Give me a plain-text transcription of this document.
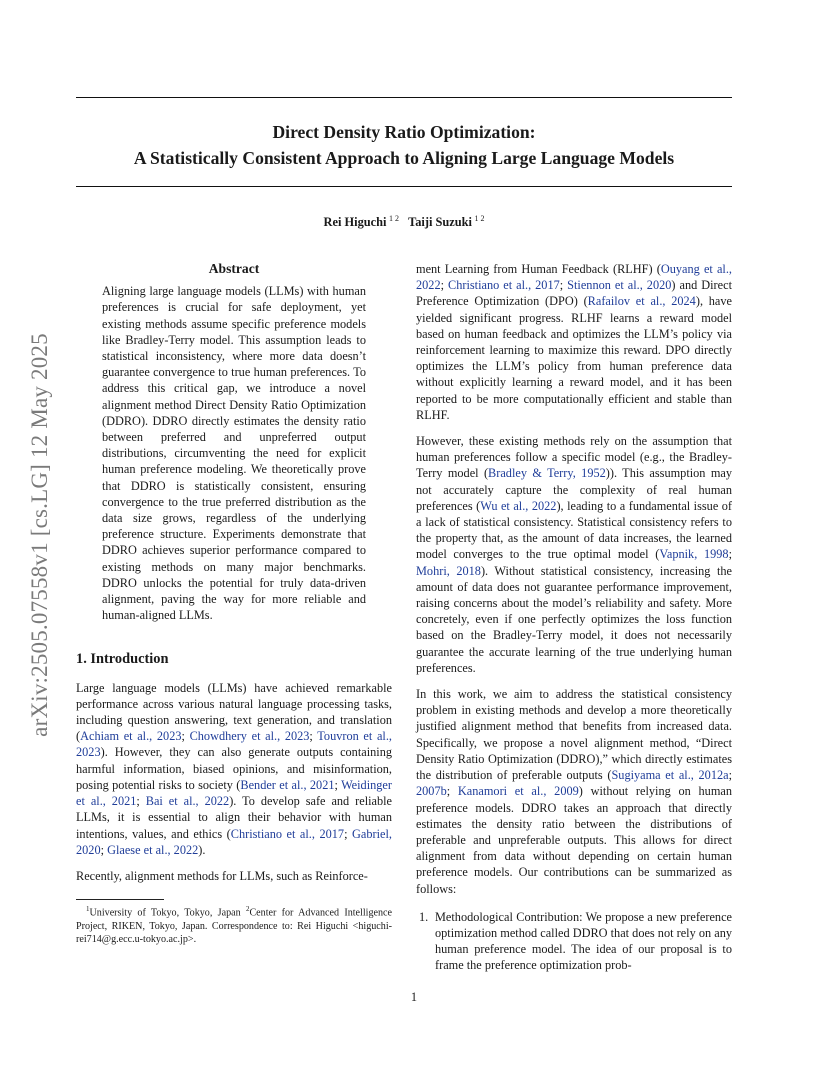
Direct Density Ratio Optimization:
A Statistically Consistent Approach to Aligning Large Language Models
Rei Higuchi  $^{1 2}$ Taiji Suzuki  $^{1 2}$
arXiv:2505.07558v1 [cs.LG] 12 May 2025
Abstract

Aligning large language models (LLMs) with human preferences is crucial for safe deployment, yet existing methods assume specific preference models like Bradley-Terry model. This assumption leads to statistical inconsistency, where more data doesn’t guarantee convergence to true human preferences. To address this critical gap, we introduce a novel alignment method Direct Density Ratio Optimization (DDRO). DDRO directly estimates the density ratio between preferred and unpreferred output distributions, circumventing the need for explicit human preference modeling. We theoretically prove that DDRO is statistically consistent, ensuring convergence to the true preferred distribution as the data size grows, regardless of the underlying preference structure. Experiments demonstrate that DDRO achieves superior performance compared to existing methods on many major benchmarks. DDRO unlocks the potential for truly data-driven alignment, paving the way for more reliable and human-aligned LLMs.

1. Introduction

Large language models (LLMs) have achieved remarkable performance across various natural language processing tasks, including question answering, text generation, and translation (Achiam et al., 2023; Chowdhery et al., 2023; Touvron et al., 2023). However, they can also generate outputs containing harmful information, biased opinions, and misinformation, posing potential risks to society (Bender et al., 2021; Weidinger et al., 2021; Bai et al., 2022). To develop safe and reliable LLMs, it is essential to align their behavior with human intentions, values, and ethics (Christiano et al., 2017; Gabriel, 2020; Glaese et al., 2022).

Recently, alignment methods for LLMs, such as Reinforce-

$^1$University of Tokyo, Tokyo, Japan $^2$Center for Advanced Intelligence Project, RIKEN, Tokyo, Japan. Correspondence to: Rei Higuchi <higuchi-rei714@g.ecc.u-tokyo.ac.jp>.

ment Learning from Human Feedback (RLHF) (Ouyang et al., 2022; Christiano et al., 2017; Stiennon et al., 2020) and Direct Preference Optimization (DPO) (Rafailov et al., 2024), have yielded significant progress. RLHF learns a reward model based on human feedback and optimizes the LLM’s policy via reinforcement learning to maximize this reward. DPO directly optimizes the LLM’s policy from human preference data without explicitly learning a reward model, and it has been reported to be more computationally efficient and stable than RLHF.

However, these existing methods rely on the assumption that human preferences follow a specific model (e.g., the Bradley-Terry model (Bradley & Terry, 1952)). This assumption may not accurately capture the complexity of real human preferences (Wu et al., 2022), leading to a fundamental issue of a lack of statistical consistency. Statistical consistency refers to the property that, as the amount of data increases, the learned model converges to the true optimal model (Vapnik, 1998; Mohri, 2018). Without statistical consistency, increasing the amount of data does not guarantee performance improvement, raising concerns about the model’s reliability and safety. More concretely, even if one perfectly optimizes the loss function based on the Bradley-Terry model, it does not necessarily guarantee the accurate learning of the true underlying human preferences.

In this work, we aim to address the statistical consistency problem in existing methods and develop a more theoretically justified alignment method that benefits from increased data. Specifically, we propose a novel alignment method, “Direct Density Ratio Optimization (DDRO),” which directly estimates the distribution of preferable outputs (Sugiyama et al., 2012a; 2007b; Kanamori et al., 2009) without relying on human preference models. DDRO takes an approach that directly estimates the density ratio between the distributions of preferable and unpreferable outputs. This allows for direct alignment from data without depending on certain human preference models. Our contributions can be summarized as follows:

1. Methodological Contribution: We propose a new preference optimization method called DDRO that does not rely on any human preference model. The idea of our proposal is to frame the preference optimization prob-

1
